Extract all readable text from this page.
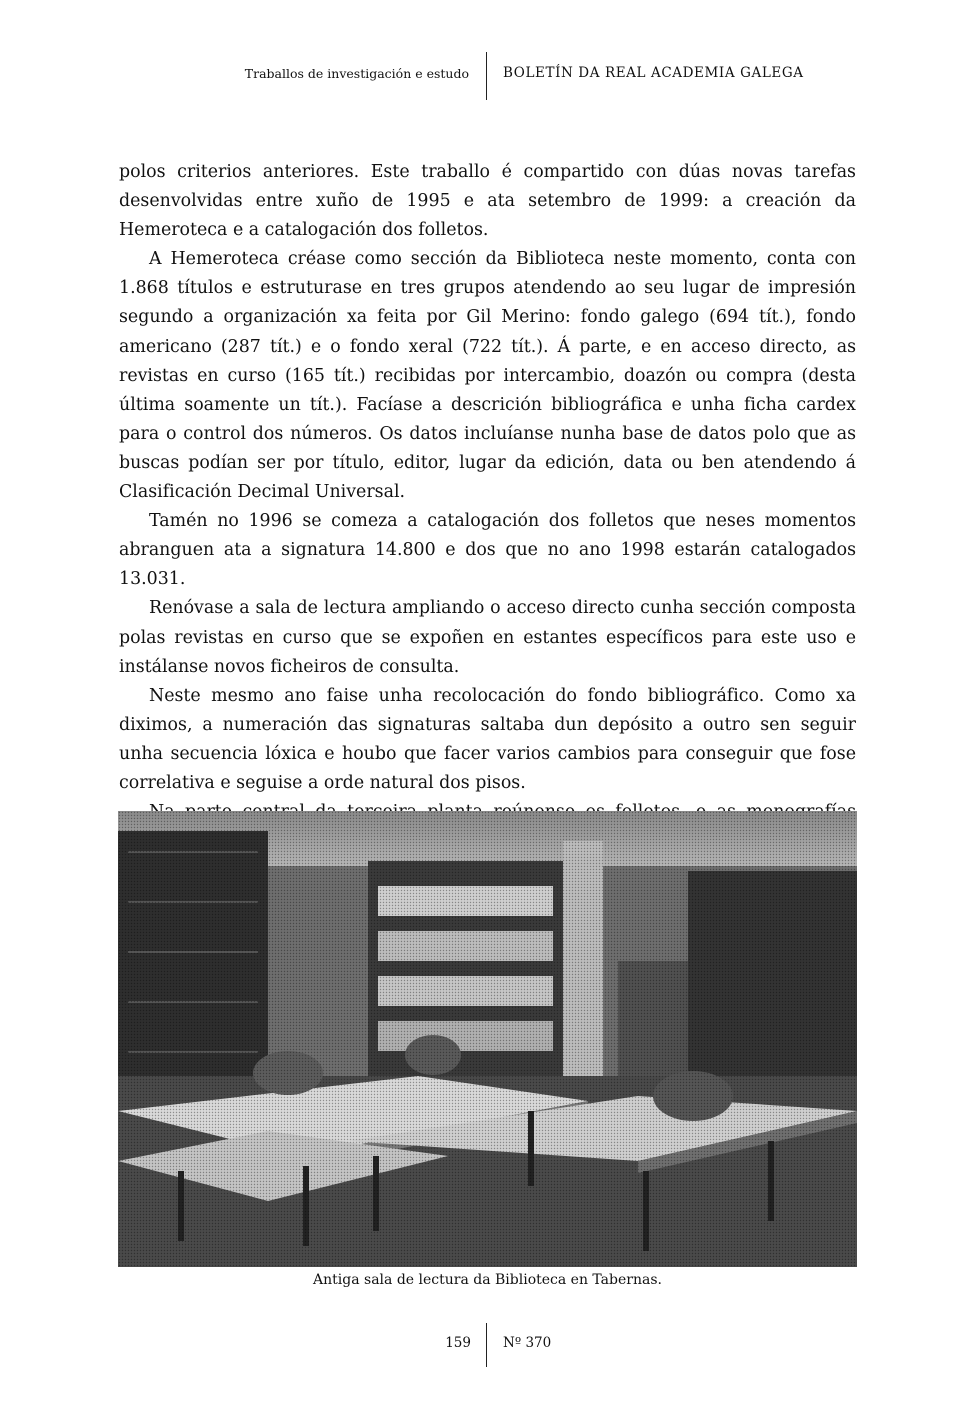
Traballos de investigación e estudo	BOLETÍN DA REAL ACADEMIA GALEGA

polos criterios anteriores. Este traballo é compartido con dúas novas tarefas desenvolvidas entre xuño de 1995 e ata setembro de 1999: a creación da Hemeroteca e a catalogación dos folletos.

A Hemeroteca créase como sección da Biblioteca neste momento, conta con 1.868 títulos e estruturase en tres grupos atendendo ao seu lugar de impresión segundo a organización xa feita por Gil Merino: fondo galego (694 tít.), fondo americano (287 tít.) e o fondo xeral (722 tít.). Á parte, e en acceso directo, as revistas en curso (165 tít.) recibidas por intercambio, doazón ou compra (desta última soamente un tít.). Facíase a descrición bibliográfica e unha ficha cardex para o control dos números. Os datos incluíanse nunha base de datos polo que as buscas podían ser por título, editor, lugar da edición, data ou ben atendendo á Clasificación Decimal Universal.

Tamén no 1996 se comeza a catalogación dos folletos que neses momentos abranguen ata a signatura 14.800 e dos que no ano 1998 estarán catalogados 13.031.

Renóvase a sala de lectura ampliando o acceso directo cunha sección composta polas revistas en curso que se expoñen en estantes específicos para este uso e instálanse novos ficheiros de consulta.

Neste mesmo ano faise unha recolocación do fondo bibliográfico. Como xa diximos, a numeración das signaturas saltaba dun depósito a outro sen seguir unha secuencia lóxica e houbo que facer varios cambios para conseguir que fose correlativa e seguise a orde natural dos pisos.

Antiga sala de lectura da Biblioteca en Tabernas.
159 Nº 370
